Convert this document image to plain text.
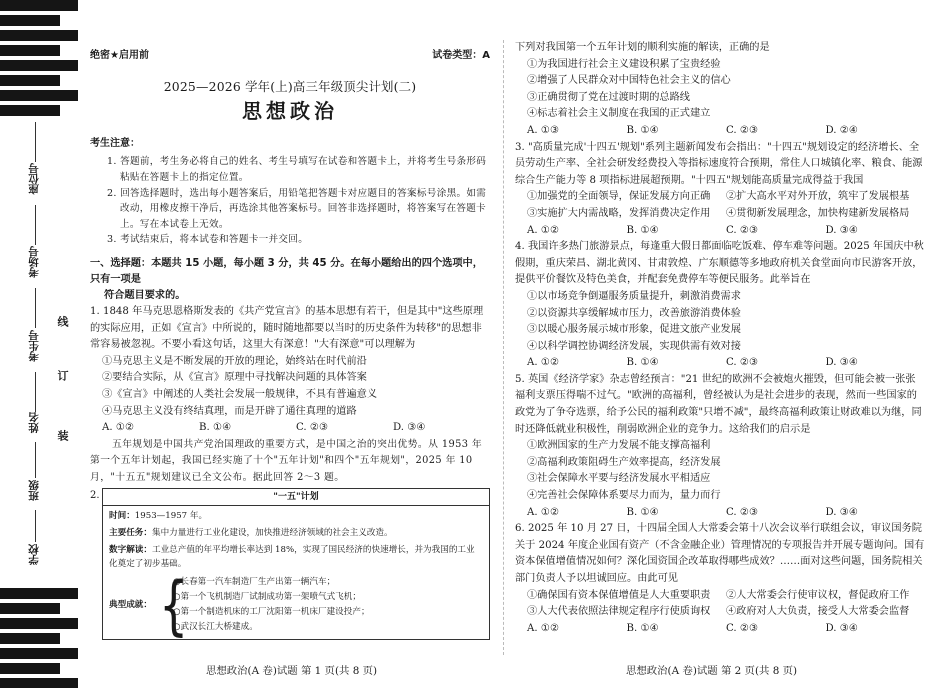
座位号
考场号
考生号
姓名
班级
学校
线
订
装
绝密★启用前	试卷类型：A
2025—2026 学年(上)高三年级顶尖计划(二)
思想政治
考生注意：
1. 答题前，考生务必将自己的姓名、考生号填写在试卷和答题卡上，并将考生号条形码粘贴在答题卡上的指定位置。
2. 回答选择题时，选出每小题答案后，用铅笔把答题卡对应题目的答案标号涂黑。如需改动，用橡皮擦干净后，再选涂其他答案标号。回答非选择题时，将答案写在答题卡上。写在本试卷上无效。
3. 考试结束后，将本试卷和答题卡一并交回。
一、选择题：本题共 15 小题，每小题 3 分，共 45 分。在每小题给出的四个选项中，只有一项是
符合题目要求的。
1. 1848 年马克思恩格斯发表的《共产党宣言》的基本思想有若干，但是其中"这些原理的实际应用，正如《宣言》中所说的，随时随地都要以当时的历史条件为转移"的思想非常容易被忽视。不要小看这句话，这里大有深意！"大有深意"可以理解为
①马克思主义是不断发展的开放的理论，始终站在时代前沿
②要结合实际，从《宣言》原理中寻找解决问题的具体答案
③《宣言》中阐述的人类社会发展一般规律，不具有普遍意义
④马克思主义没有终结真理，而是开辟了通往真理的道路
A. ①②	B. ①④	C. ②③	D. ③④
五年规划是中国共产党治国理政的重要方式，是中国之治的突出优势。从 1953 年第一个五年计划起，我国已经实施了十个"五年计划"和四个"五年规划"，2025 年 10 月，"十五五"规划建议已全文公布。据此回答 2～3 题。
2.	"一五"计划
时间：1953—1957 年。
主要任务：集中力量进行工业化建设，加快推进经济领域的社会主义改造。
数字解读：工业总产值的年平均增长率达到 18%，实现了国民经济的快速增长，并为我国的工业化奠定了初步基础。
典型成就： {
○长春第一汽车制造厂生产出第一辆汽车；
○第一个飞机制造厂试制成功第一架喷气式飞机；
○第一个制造机床的工厂沈阳第一机床厂建设投产；
○武汉长江大桥建成。
下列对我国第一个五年计划的顺利实施的解读，正确的是
①为我国进行社会主义建设积累了宝贵经验
②增强了人民群众对中国特色社会主义的信心
③正确贯彻了党在过渡时期的总路线
④标志着社会主义制度在我国的正式建立
A. ①③	B. ①④	C. ②③	D. ②④
3. "高质量完成'十四五'规划"系列主题新闻发布会指出："十四五"规划设定的经济增长、全员劳动生产率、全社会研发经费投入等指标速度符合预期，常住人口城镇化率、粮食、能源综合生产能力等 8 项指标进展超预期。"十四五"规划能高质量完成得益于我国
①加强党的全面领导，保证发展方向正确	②扩大高水平对外开放，筑牢了发展根基
③实施扩大内需战略，发挥消费决定作用	④贯彻新发展理念，加快构建新发展格局
A. ①②	B. ①④	C. ②③	D. ③④
4. 我国许多热门旅游景点，每逢重大假日都面临吃饭难、停车难等问题。2025 年国庆中秋假期，重庆荣昌、湖北黄冈、甘肃敦煌、广东顺德等多地政府机关食堂面向市民游客开放，提供平价餐饮及特色美食，并配套免费停车等便民服务。此举旨在
①以市场竞争倒逼服务质量提升，刺激消费需求
②以资源共享缓解城市压力，改善旅游消费体验
③以暖心服务展示城市形象，促进文旅产业发展
④以科学调控协调经济发展，实现供需有效对接
A. ①②	B. ①④	C. ②③	D. ③④
5. 英国《经济学家》杂志曾经预言："21 世纪的欧洲不会被炮火摧毁，但可能会被一张张福利支票压得喘不过气。"欧洲的高福利，曾经被认为是社会进步的表现，然而一些国家的政党为了争夺选票，给予公民的福利政策"只增不减"，最终高福利政策让财政难以为继，同时还降低就业积极性，削弱欧洲企业的竞争力。这给我们的启示是
①欧洲国家的生产力发展不能支撑高福利
②高福利政策阻碍生产效率提高，经济发展
③社会保障水平要与经济发展水平相适应
④完善社会保障体系要尽力而为，量力而行
A. ①②	B. ①④	C. ②③	D. ③④
6. 2025 年 10 月 27 日，十四届全国人大常委会第十八次会议举行联组会议，审议国务院关于 2024 年度企业国有资产（不含金融企业）管理情况的专项报告并开展专题询问。国有资本保值增值情况如何？深化国资国企改革取得哪些成效？……面对这些问题，国务院相关部门负责人予以坦诚回应。由此可见
①确保国有资本保值增值是人大重要职责	②人大常委会行使审议权，督促政府工作
③人大代表依照法律规定程序行使质询权	④政府对人大负责，接受人大常委会监督
A. ①②	B. ①④	C. ②③	D. ③④
思想政治(A 卷)试题 第 1 页(共 8 页)	思想政治(A 卷)试题 第 2 页(共 8 页)
